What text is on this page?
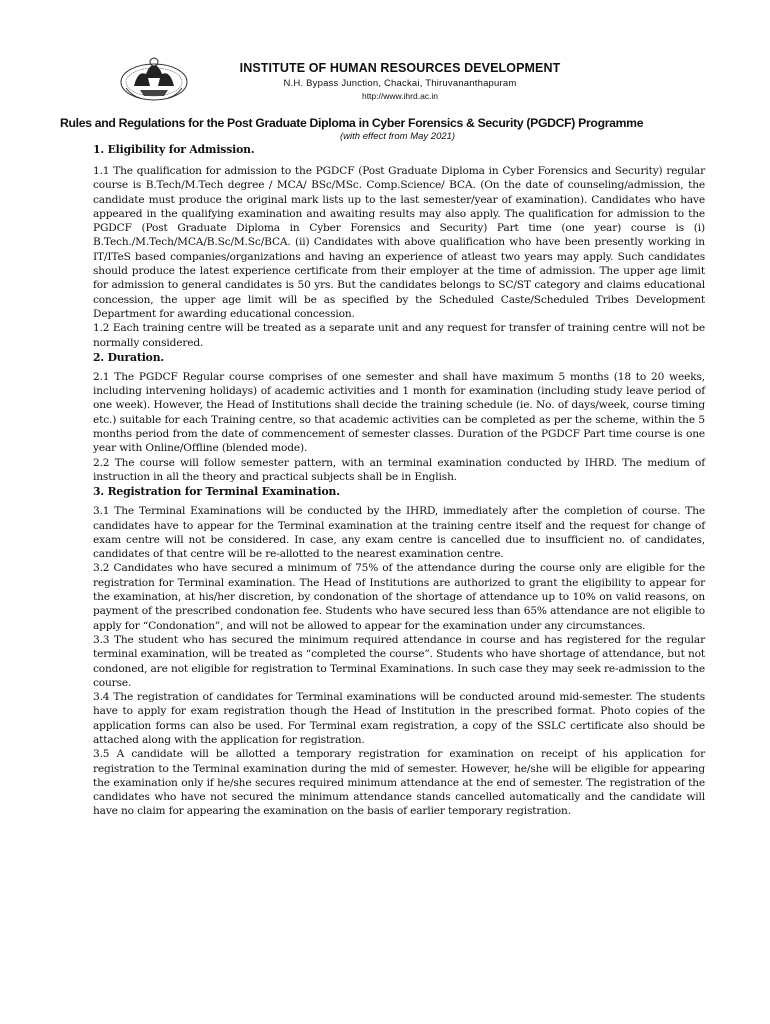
INSTITUTE OF HUMAN RESOURCES DEVELOPMENT
N.H. Bypass Junction, Chackai, Thiruvananthapuram
http://www.ihrd.ac.in
Rules and Regulations for the Post Graduate Diploma in Cyber Forensics & Security (PGDCF) Programme
(with effect from May 2021)
1. Eligibility for Admission.

1.1 The qualification for admission to the PGDCF (Post Graduate Diploma in Cyber Forensics and Security) regular course is B.Tech/M.Tech degree / MCA/ BSc/MSc. Comp.Science/ BCA. (On the date of counseling/admission, the candidate must produce the original mark lists up to the last semester/year of examination). Candidates who have appeared in the qualifying examination and awaiting results may also apply. The qualification for admission to the PGDCF (Post Graduate Diploma in Cyber Forensics and Security) Part time (one year) course is (i) B.Tech./M.Tech/MCA/B.Sc/M.Sc/BCA. (ii) Candidates with above qualification who have been presently working in IT/ITeS based companies/organizations and having an experience of atleast two years may apply. Such candidates should produce the latest experience certificate from their employer at the time of admission. The upper age limit for admission to general candidates is 50 yrs. But the candidates belongs to SC/ST category and claims educational concession, the upper age limit will be as specified by the Scheduled Caste/Scheduled Tribes Development Department for awarding educational concession.

1.2 Each training centre will be treated as a separate unit and any request for transfer of training centre will not be normally considered.

2. Duration.

2.1 The PGDCF Regular course comprises of one semester and shall have maximum 5 months (18 to 20 weeks, including intervening holidays) of academic activities and 1 month for examination (including study leave period of one week). However, the Head of Institutions shall decide the training schedule (ie. No. of days/week, course timing etc.) suitable for each Training centre, so that academic activities can be completed as per the scheme, within the 5 months period from the date of commencement of semester classes. Duration of the PGDCF Part time course is one year with Online/Offline (blended mode).

2.2 The course will follow semester pattern, with an terminal examination conducted by IHRD. The medium of instruction in all the theory and practical subjects shall be in English.

3. Registration for Terminal Examination.

3.1 The Terminal Examinations will be conducted by the IHRD, immediately after the completion of course. The candidates have to appear for the Terminal examination at the training centre itself and the request for change of exam centre will not be considered. In case, any exam centre is cancelled due to insufficient no. of candidates, candidates of that centre will be re-allotted to the nearest examination centre.

3.2 Candidates who have secured a minimum of 75% of the attendance during the course only are eligible for the registration for Terminal examination. The Head of Institutions are authorized to grant the eligibility to appear for the examination, at his/her discretion, by condonation of the shortage of attendance up to 10% on valid reasons, on payment of the prescribed condonation fee. Students who have secured less than 65% attendance are not eligible to apply for “Condonation”, and will not be allowed to appear for the examination under any circumstances.

3.3 The student who has secured the minimum required attendance in course and has registered for the regular terminal examination, will be treated as “completed the course”. Students who have shortage of attendance, but not condoned, are not eligible for registration to Terminal Examinations. In such case they may seek re-admission to the course.

3.4 The registration of candidates for Terminal examinations will be conducted around mid-semester. The students have to apply for exam registration though the Head of Institution in the prescribed format. Photo copies of the application forms can also be used. For Terminal exam registration, a copy of the SSLC certificate also should be attached along with the application for registration.

3.5 A candidate will be allotted a temporary registration for examination on receipt of his application for registration to the Terminal examination during the mid of semester. However, he/she will be eligible for appearing the examination only if he/she secures required minimum attendance at the end of semester. The registration of the candidates who have not secured the minimum attendance stands cancelled automatically and the candidate will have no claim for appearing the examination on the basis of earlier temporary registration.
